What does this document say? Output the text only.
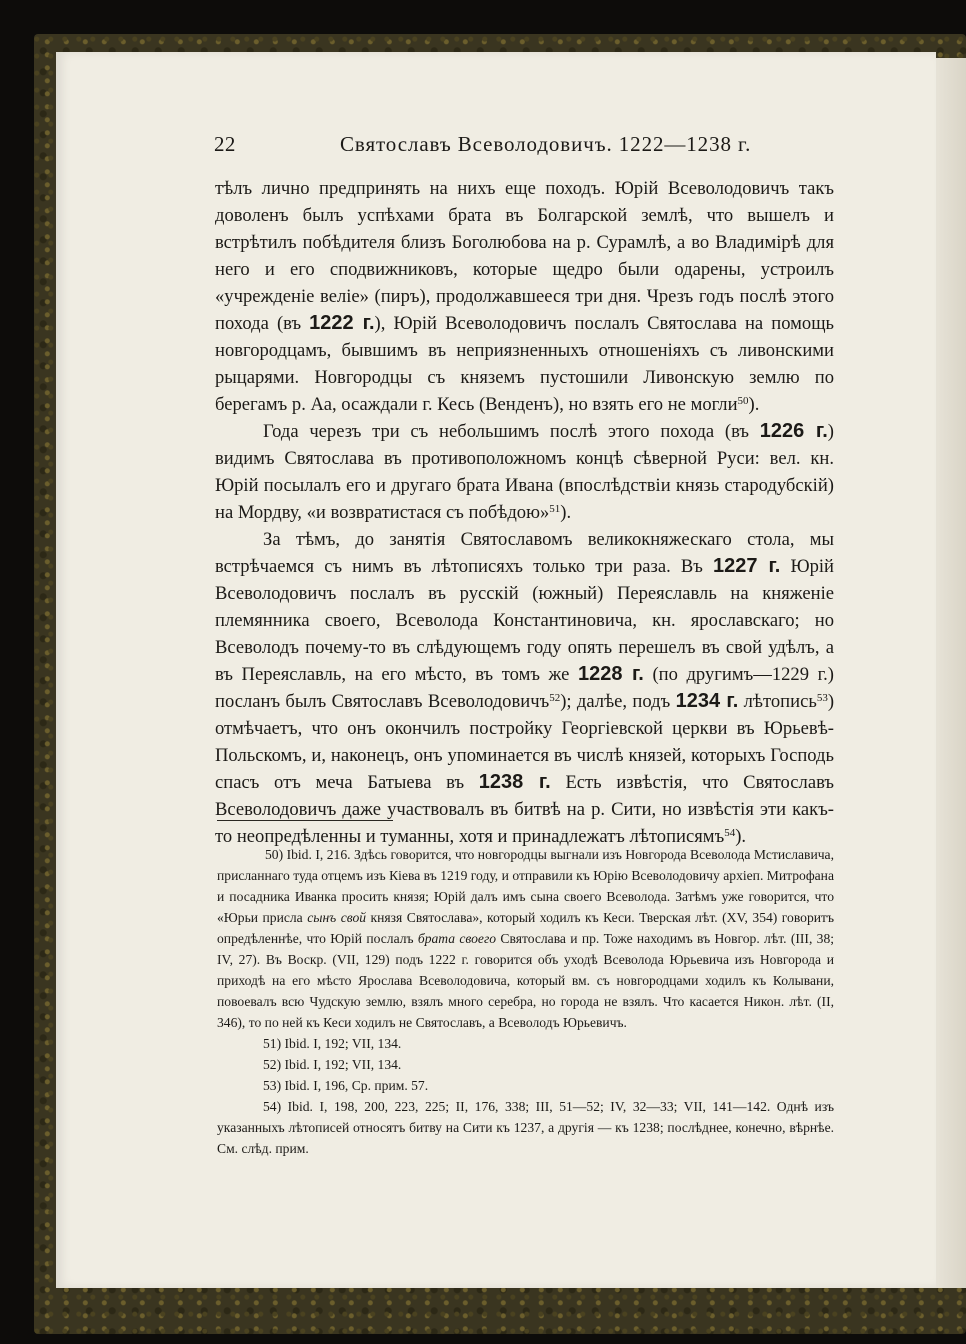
22	Святославъ Всеволодовичъ. 1222—1238 г.

тѣлъ лично предпринять на нихъ еще походъ. Юрій Всеволодовичъ такъ доволенъ былъ успѣхами брата въ Болгарской землѣ, что вышелъ и встрѣтилъ побѣдителя близъ Боголюбова на р. Сурамлѣ, а во Владимірѣ для него и его сподвижниковъ, которые щедро были одарены, устроилъ «учрежденіе веліе» (пиръ), продолжавшееся три дня. Чрезъ годъ послѣ этого похода (въ 1222 г.), Юрій Всеволодовичъ послалъ Святослава на помощь новгородцамъ, бывшимъ въ неприязненныхъ отношеніяхъ съ ливонскими рыцарями. Новгородцы съ княземъ пустошили Ливонскую землю по берегамъ р. Аа, осаждали г. Кесь (Венденъ), но взять его не могли$^{50}$).

Года черезъ три съ небольшимъ послѣ этого похода (въ 1226 г.) видимъ Святослава въ противоположномъ концѣ сѣверной Руси: вел. кн. Юрій посылалъ его и другаго брата Ивана (впослѣдствіи князь стародубскій) на Мордву, «и возвратистася съ побѣдою»$^{51}$).

За тѣмъ, до занятія Святославомъ великокняжескаго стола, мы встрѣчаемся съ нимъ въ лѣтописяхъ только три раза. Въ 1227 г. Юрій Всеволодовичъ послалъ въ русскій (южный) Переяславль на княженіе племянника своего, Всеволода Константиновича, кн. ярославскаго; но Всеволодъ почему-то въ слѣдующемъ году опять перешелъ въ свой удѣлъ, а въ Переяславль, на его мѣсто, въ томъ же 1228 г. (по другимъ—1229 г.) посланъ былъ Святославъ Всеволодовичъ$^{52}$); далѣе, подъ 1234 г. лѣтопись$^{53}$) отмѣчаетъ, что онъ окончилъ постройку Георгіевской церкви въ Юрьевѣ-Польскомъ, и, наконецъ, онъ упоминается въ числѣ князей, которыхъ Господь спасъ отъ меча Батыева въ 1238 г. Есть извѣстія, что Святославъ Всеволодовичъ даже участвовалъ въ битвѣ на р. Сити, но извѣстія эти какъ-то неопредѣленны и туманны, хотя и принадлежатъ лѣтописямъ$^{54}$).

50) Ibid. I, 216. Здѣсь говорится, что новгородцы выгнали изъ Новгорода Всеволода Мстиславича, присланнаго туда отцемъ изъ Кіева въ 1219 году, и отправили къ Юрію Всеволодовичу архіеп. Митрофана и посадника Иванка просить князя; Юрій далъ имъ сына своего Всеволода. Затѣмъ уже говорится, что «Юрьи присла сынъ свой князя Святослава», который ходилъ къ Кеси. Тверская лѣт. (XV, 354) говоритъ опредѣленнѣе, что Юрій послалъ брата своего Святослава и пр. Тоже находимъ въ Новгор. лѣт. (III, 38; IV, 27). Въ Воскр. (VII, 129) подъ 1222 г. говорится объ уходѣ Всеволода Юрьевича изъ Новгорода и приходѣ на его мѣсто Ярослава Всеволодовича, который вм. съ новгородцами ходилъ къ Колывани, повоевалъ всю Чудскую землю, взялъ много серебра, но города не взялъ. Что касается Никон. лѣт. (II, 346), то по ней къ Кеси ходилъ не Святославъ, а Всеволодъ Юрьевичъ.

51) Ibid. I, 192; VII, 134.

52) Ibid. I, 192; VII, 134.

53) Ibid. I, 196, Ср. прим. 57.

54) Ibid. I, 198, 200, 223, 225; II, 176, 338; III, 51—52; IV, 32—33; VII, 141—142. Однѣ изъ указанныхъ лѣтописей относятъ битву на Сити къ 1237, а другія — къ 1238; послѣднее, конечно, вѣрнѣе. См. слѣд. прим.
